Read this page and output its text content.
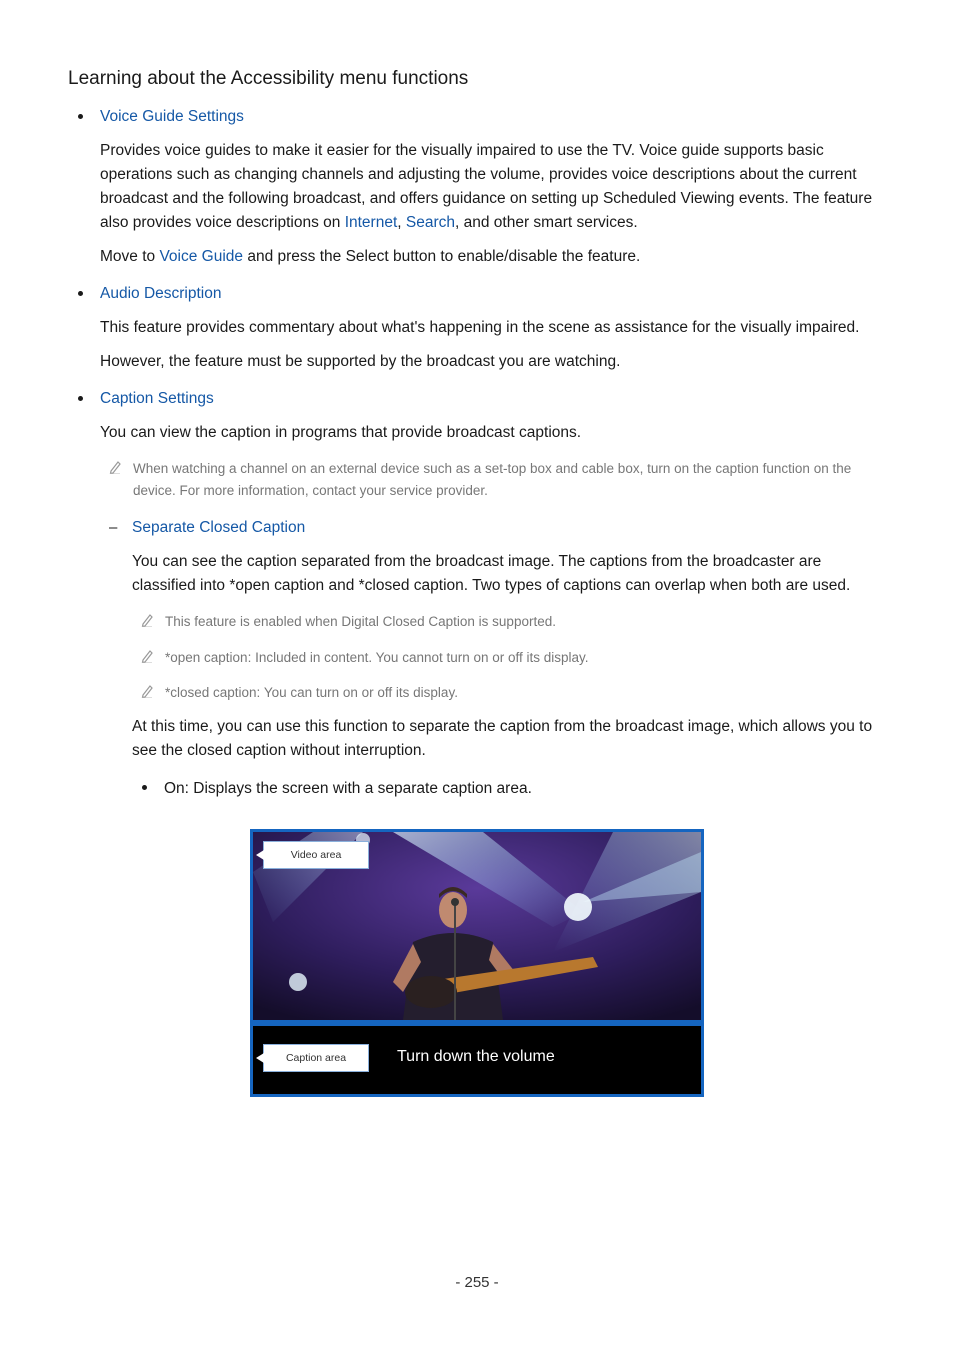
Learning about the Accessibility menu functions
Voice Guide Settings
Provides voice guides to make it easier for the visually impaired to use the TV. Voice guide supports basic operations such as changing channels and adjusting the volume, provides voice descriptions about the current broadcast and the following broadcast, and offers guidance on setting up Scheduled Viewing events. The feature also provides voice descriptions on Internet, Search, and other smart services.
Move to Voice Guide and press the Select button to enable/disable the feature.
Audio Description
This feature provides commentary about what's happening in the scene as assistance for the visually impaired.
However, the feature must be supported by the broadcast you are watching.
Caption Settings
You can view the caption in programs that provide broadcast captions.
When watching a channel on an external device such as a set-top box and cable box, turn on the caption function on the device. For more information, contact your service provider.
– Separate Closed Caption
You can see the caption separated from the broadcast image. The captions from the broadcaster are classified into *open caption and *closed caption. Two types of captions can overlap when both are used.
This feature is enabled when Digital Closed Caption is supported.
*open caption: Included in content. You cannot turn on or off its display.
*closed caption: You can turn on or off its display.
At this time, you can use this function to separate the caption from the broadcast image, which allows you to see the closed caption without interruption.
On: Displays the screen with a separate caption area.
Video area
Caption area	Turn down the volume
- 255 -
